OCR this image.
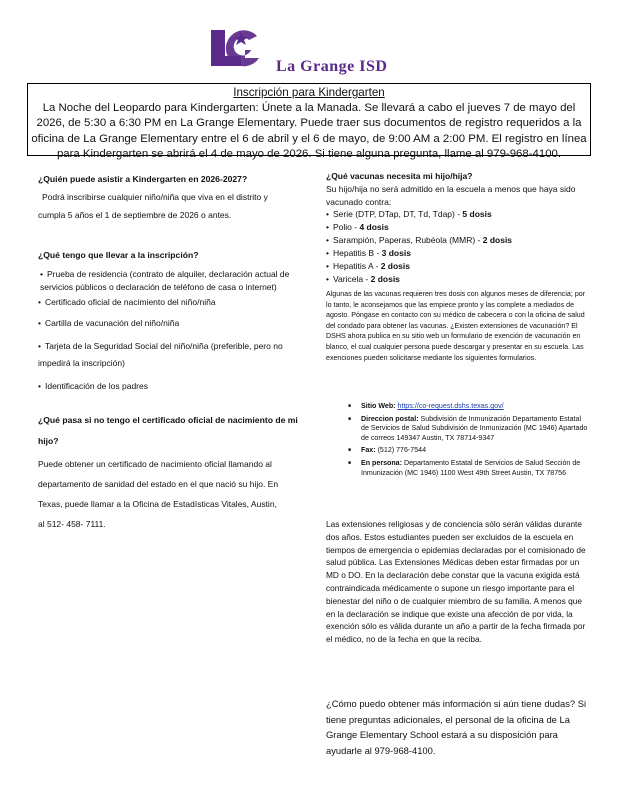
LG
La Grange ISD
Inscripción para Kindergarten
La Noche del Leopardo para Kindergarten: Únete a la Manada. Se llevará a cabo el jueves 7 de mayo del 2026, de 5:30 a 6:30 PM en La Grange Elementary. Puede traer sus documentos de registro requeridos a la oficina de La Grange Elementary entre el 6 de abril y el 6 de mayo, de 9:00 AM a 2:00 PM. El registro en línea para Kindergarten se abrirá el 4 de mayo de 2026. Si tiene alguna pregunta, llame al 979-968-4100.

¿Quién puede asistir a Kindergarten en 2026-2027?

Podrá inscribirse cualquier niño/niña que viva en el distrito y

cumpla 5 años el 1 de septiembre de 2026 o antes.

¿Qué tengo que llevar a la inscripción?

• Prueba de residencia (contrato de alquiler, declaración actual de servicios públicos o declaración de teléfono de casa o internet)
• Certificado oficial de nacimiento del niño/niña
• Cartilla de vacunación del niño/niña
• Tarjeta de la Seguridad Social del niño/niña (preferible, pero no impedirá la inscripción)
• Identificación de los padres

¿Qué pasa si no tengo el certificado oficial de nacimiento de mi hijo?

Puede obtener un certificado de nacimiento oficial llamando al departamento de sanidad del estado en el que nació su hijo. En Texas, puede llamar a la Oficina de Estadísticas Vitales, Austin,

al 512- 458- 7111.

¿Qué vacunas necesita mi hijo/hija?

Su hijo/hija no será admitido en la escuela a menos que haya sido vacunado contra:

• Serie (DTP, DTap, DT, Td, Tdap) - 5 dosis
• Polio - 4 dosis
• Sarampión, Paperas, Rubéola (MMR) - 2 dosis
• Hepatitis B - 3 dosis
• Hepatitis A - 2 dosis
• Varicela - 2 dosis
Algunas de las vacunas requieren tres dosis con algunos meses de diferencia; por lo tanto, le aconsejamos que las empiece pronto y las complete a mediados de agosto. Póngase en contacto con su médico de cabecera o con la oficina de salud del condado para obtener las vacunas. ¿Existen extensiones de vacunación? El DSHS ahora publica en su sitio web un formulario de exención de vacunación en blanco, el cual cualquier persona puede descargar y presentar en su escuela. Las exenciones pueden solicitarse mediante los siguientes formularios.
■ Sitio Web: https://co-request.dshs.texas.gov/
■ Direccion postal: Subdivisión de Inmunización Departamento Estatal de Servicios de Salud Subdivisión de Inmunización (MC 1946) Apartado de correos 149347 Austin, TX 78714-9347
■ Fax: (512) 776-7544
■ En persona: Departamento Estatal de Servicios de Salud Sección de Inmunización (MC 1946) 1100 West 49th Street Austin, TX 78756
Las extensiones religiosas y de conciencia sólo serán válidas durante dos años. Estos estudiantes pueden ser excluidos de la escuela en tiempos de emergencia o epidemias declaradas por el comisionado de salud pública. Las Extensiones Médicas deben estar firmadas por un MD o DO. En la declaración debe constar que la vacuna exigida está contraindicada médicamente o supone un riesgo importante para el bienestar del niño o de cualquier miembro de su familia. A menos que en la declaración se indique que existe una afección de por vida, la exención sólo es válida durante un año a partir de la fecha firmada por el médico, no de la fecha en que la reciba.
¿Cómo puedo obtener más información si aún tiene dudas? Si tiene preguntas adicionales, el personal de la oficina de La Grange Elementary School estará a su disposición para ayudarle al 979-968-4100.
